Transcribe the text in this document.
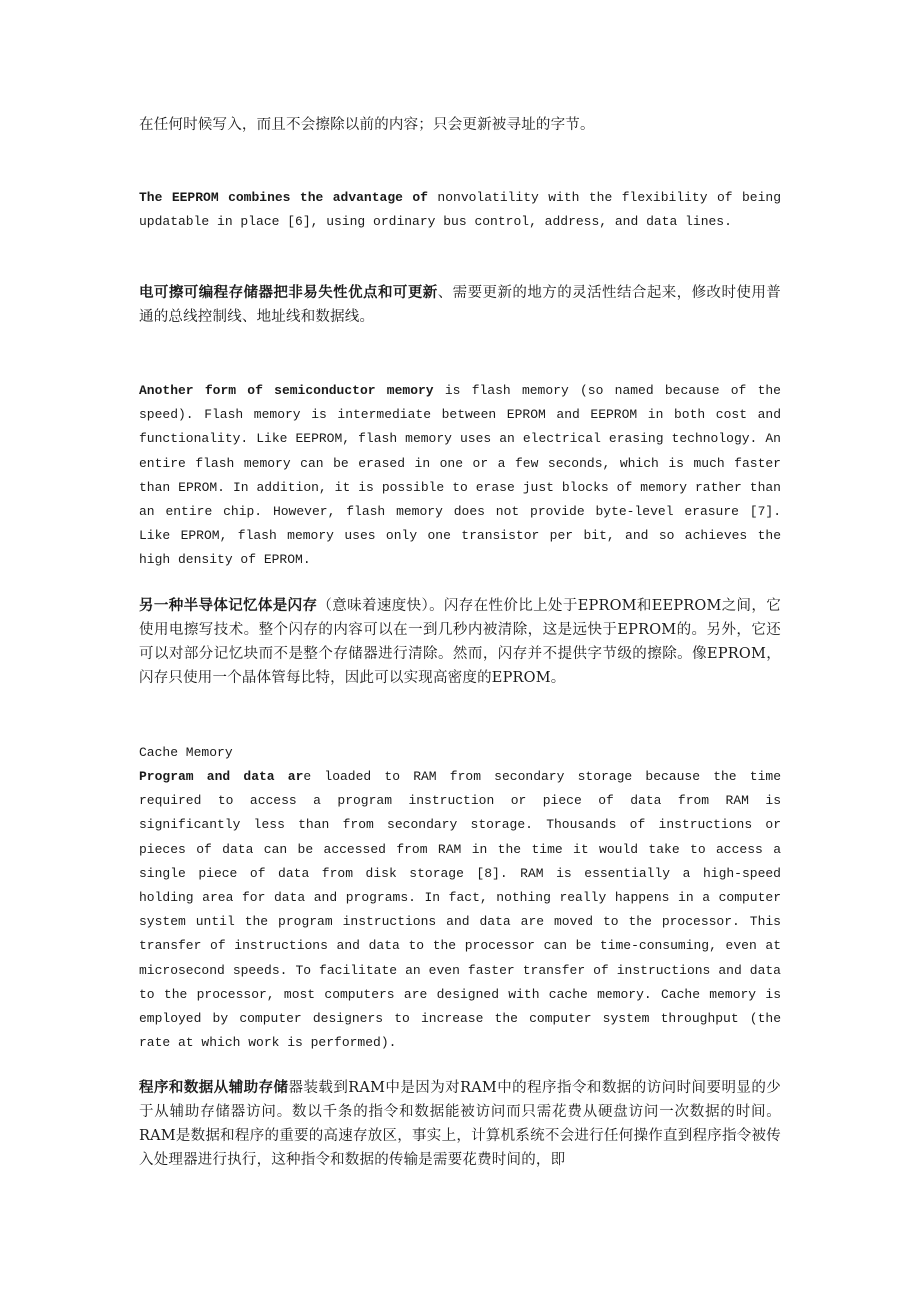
在任何时候写入，而且不会擦除以前的内容；只会更新被寻址的字节。

The EEPROM combines the advantage of nonvolatility with the flexibility of being updatable in place [6], using ordinary bus control, address, and data lines.

电可擦可编程存储器把非易失性优点和可更新、需要更新的地方的灵活性结合起来，修改时使用普通的总线控制线、地址线和数据线。

Another form of semiconductor memory is flash memory (so named because of the speed). Flash memory is intermediate between EPROM and EEPROM in both cost and functionality. Like EEPROM, flash memory uses an electrical erasing technology. An entire flash memory can be erased in one or a few seconds, which is much faster than EPROM. In addition, it is possible to erase just blocks of memory rather than an entire chip. However, flash memory does not provide byte-level erasure [7]. Like EPROM, flash memory uses only one transistor per bit, and so achieves the high density of EPROM.

另一种半导体记忆体是闪存（意味着速度快）。闪存在性价比上处于EPROM和EEPROM之间，它使用电擦写技术。整个闪存的内容可以在一到几秒内被清除，这是远快于EPROM的。另外，它还可以对部分记忆块而不是整个存储器进行清除。然而，闪存并不提供字节级的擦除。像EPROM，闪存只使用一个晶体管每比特，因此可以实现高密度的EPROM。

Cache Memory

Program and data are loaded to RAM from secondary storage because the time required to access a program instruction or piece of data from RAM is significantly less than from secondary storage. Thousands of instructions or pieces of data can be accessed from RAM in the time it would take to access a single piece of data from disk storage [8]. RAM is essentially a high-speed holding area for data and programs. In fact, nothing really happens in a computer system until the program instructions and data are moved to the processor. This transfer of instructions and data to the processor can be time-consuming, even at microsecond speeds. To facilitate an even faster transfer of instructions and data to the processor, most computers are designed with cache memory. Cache memory is employed by computer designers to increase the computer system throughput (the rate at which work is performed).

程序和数据从辅助存储器装载到RAM中是因为对RAM中的程序指令和数据的访问时间要明显的少于从辅助存储器访问。数以千条的指令和数据能被访问而只需花费从硬盘访问一次数据的时间。RAM是数据和程序的重要的高速存放区，事实上，计算机系统不会进行任何操作直到程序指令被传入处理器进行执行，这种指令和数据的传输是需要花费时间的，即
